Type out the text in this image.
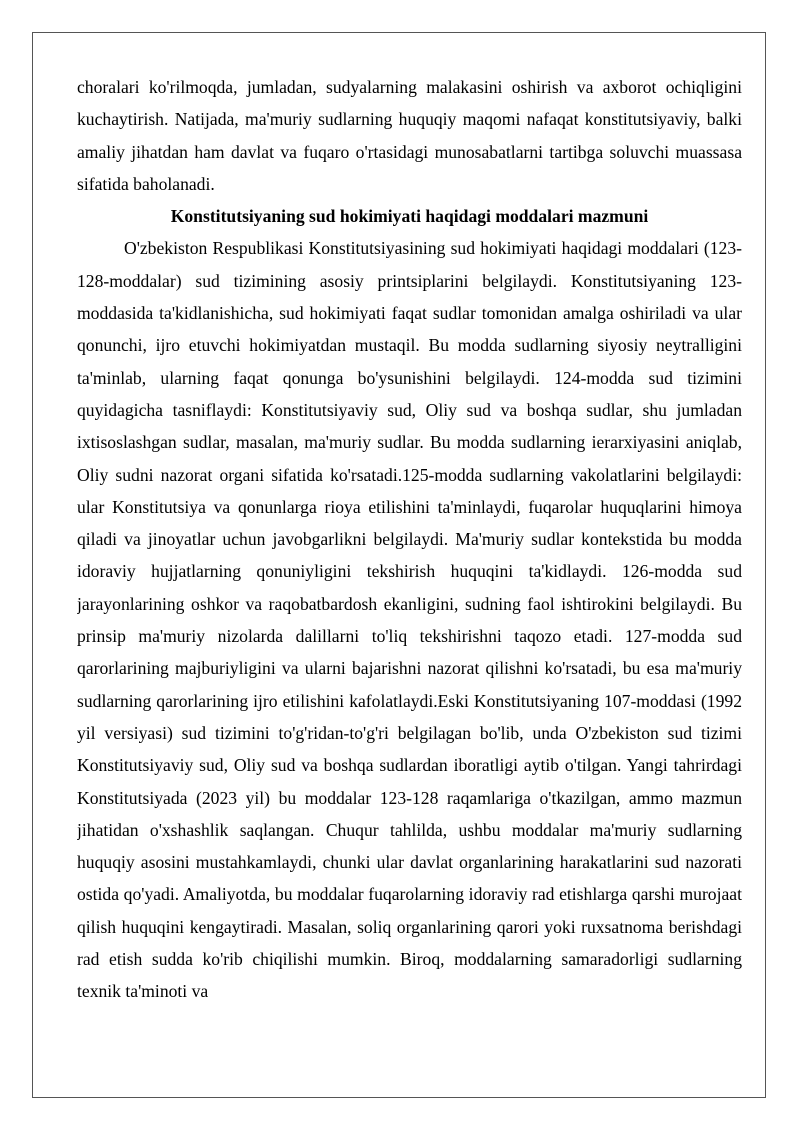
choralari ko'rilmoqda, jumladan, sudyalarning malakasini oshirish va axborot ochiqligini kuchaytirish. Natijada, ma'muriy sudlarning huquqiy maqomi nafaqat konstitutsiyaviy, balki amaliy jihatdan ham davlat va fuqaro o'rtasidagi munosabatlarni tartibga soluvchi muassasa sifatida baholanadi.

Konstitutsiyaning sud hokimiyati haqidagi moddalari mazmuni

O'zbekiston Respublikasi Konstitutsiyasining sud hokimiyati haqidagi moddalari (123-128-moddalar) sud tizimining asosiy printsiplarini belgilaydi. Konstitutsiyaning 123-moddasida ta'kidlanishicha, sud hokimiyati faqat sudlar tomonidan amalga oshiriladi va ular qonunchi, ijro etuvchi hokimiyatdan mustaqil. Bu modda sudlarning siyosiy neytralligini ta'minlab, ularning faqat qonunga bo'ysunishini belgilaydi. 124-modda sud tizimini quyidagicha tasniflaydi: Konstitutsiyaviy sud, Oliy sud va boshqa sudlar, shu jumladan ixtisoslashgan sudlar, masalan, ma'muriy sudlar. Bu modda sudlarning ierarxiyasini aniqlab, Oliy sudni nazorat organi sifatida ko'rsatadi.125-modda sudlarning vakolatlarini belgilaydi: ular Konstitutsiya va qonunlarga rioya etilishini ta'minlaydi, fuqarolar huquqlarini himoya qiladi va jinoyatlar uchun javobgarlikni belgilaydi. Ma'muriy sudlar kontekstida bu modda idoraviy hujjatlarning qonuniyligini tekshirish huquqini ta'kidlaydi. 126-modda sud jarayonlarining oshkor va raqobatbardosh ekanligini, sudning faol ishtirokini belgilaydi. Bu prinsip ma'muriy nizolarda dalillarni to'liq tekshirishni taqozo etadi. 127-modda sud qarorlarining majburiyligini va ularni bajarishni nazorat qilishni ko'rsatadi, bu esa ma'muriy sudlarning qarorlarining ijro etilishini kafolatlaydi.Eski Konstitutsiyaning 107-moddasi (1992 yil versiyasi) sud tizimini to'g'ridan-to'g'ri belgilagan bo'lib, unda O'zbekiston sud tizimi Konstitutsiyaviy sud, Oliy sud va boshqa sudlardan iboratligi aytib o'tilgan. Yangi tahrirdagi Konstitutsiyada (2023 yil) bu moddalar 123-128 raqamlariga o'tkazilgan, ammo mazmun jihatidan o'xshashlik saqlangan. Chuqur tahlilda, ushbu moddalar ma'muriy sudlarning huquqiy asosini mustahkamlaydi, chunki ular davlat organlarining harakatlarini sud nazorati ostida qo'yadi. Amaliyotda, bu moddalar fuqarolarning idoraviy rad etishlarga qarshi murojaat qilish huquqini kengaytiradi. Masalan, soliq organlarining qarori yoki ruxsatnoma berishdagi rad etish sudda ko'rib chiqilishi mumkin. Biroq, moddalarning samaradorligi sudlarning texnik ta'minoti va
